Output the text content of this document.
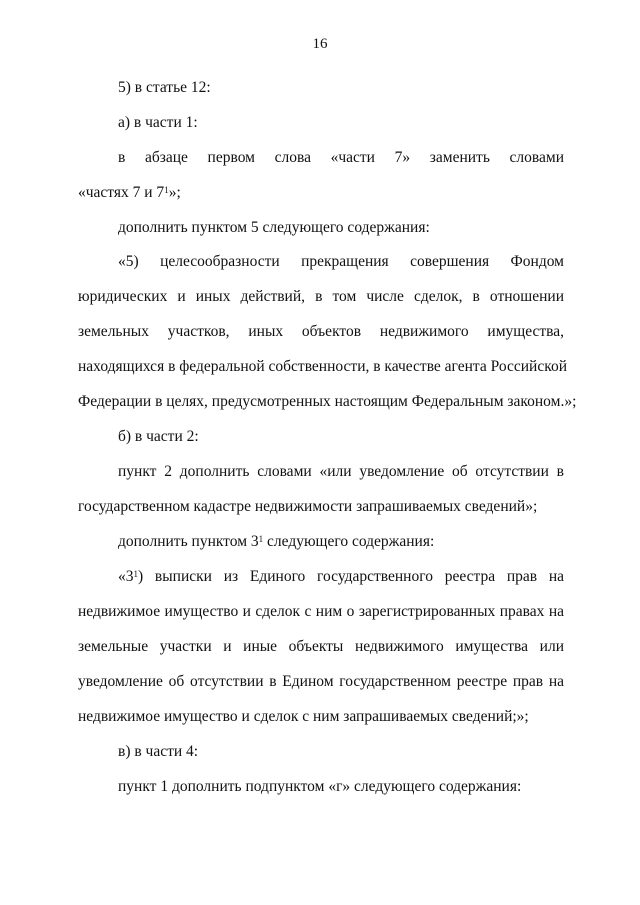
16
5) в статье 12:
а) в части 1:
в абзаце первом слова «части 7» заменить словами
«частях 7 и $7^1$»;
дополнить пунктом 5 следующего содержания:
«5) целесообразности прекращения совершения Фондом
юридических и иных действий, в том числе сделок, в отношении
земельных участков, иных объектов недвижимого имущества,
находящихся в федеральной собственности, в качестве агента Российской
Федерации в целях, предусмотренных настоящим Федеральным законом.»;
б) в части 2:
пункт 2 дополнить словами «или уведомление об отсутствии в
государственном кадастре недвижимости запрашиваемых сведений»;
дополнить пунктом $3^1$ следующего содержания:
«$3^1$) выписки из Единого государственного реестра прав на
недвижимое имущество и сделок с ним о зарегистрированных правах на
земельные участки и иные объекты недвижимого имущества или
уведомление об отсутствии в Едином государственном реестре прав на
недвижимое имущество и сделок с ним запрашиваемых сведений;»;
в) в части 4:
пункт 1 дополнить подпунктом «г» следующего содержания:
